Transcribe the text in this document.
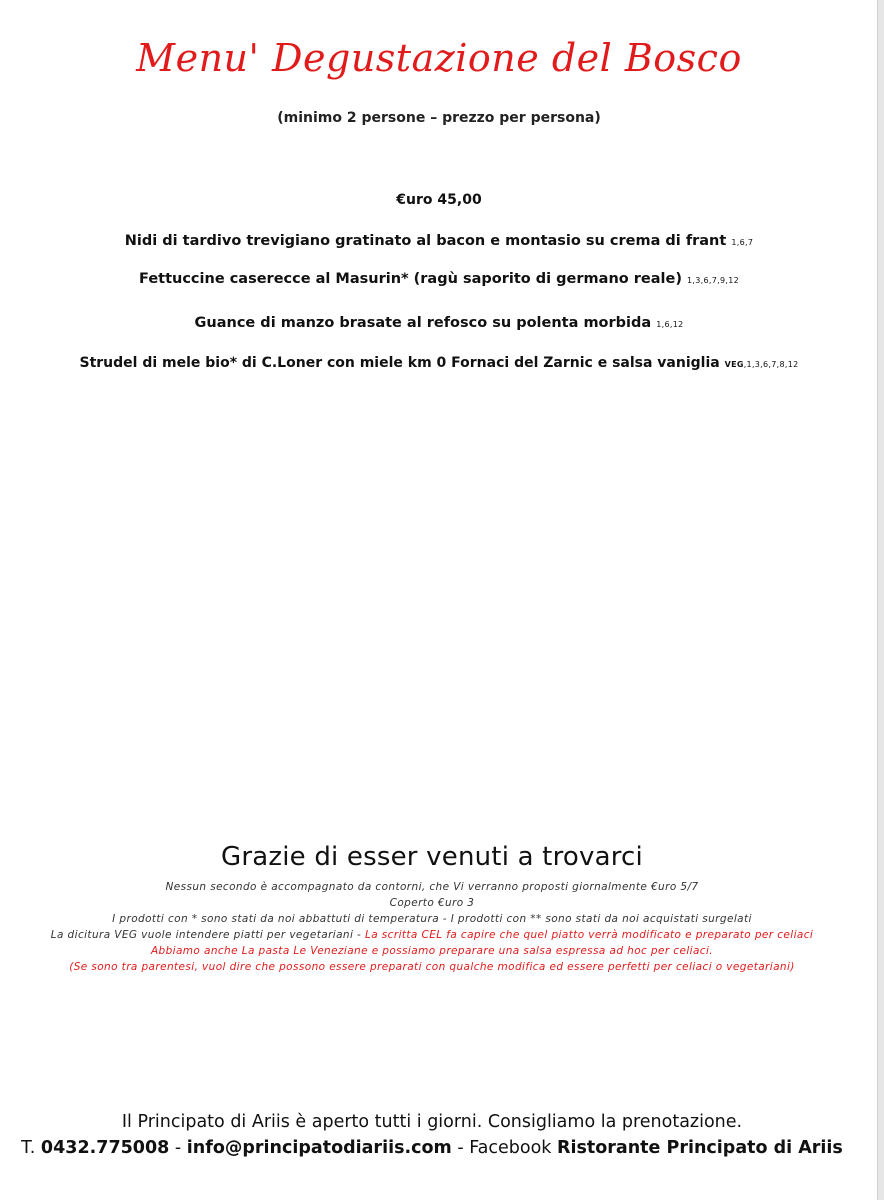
Menu' Degustazione del Bosco
(minimo 2 persone – prezzo per persona)
€uro 45,00
Nidi di tardivo trevigiano gratinato al bacon e montasio su crema di frant 1,6,7
Fettuccine caserecce al Masurin* (ragù saporito di germano reale) 1,3,6,7,9,12
Guance di manzo brasate al refosco su polenta morbida 1,6,12
Strudel di mele bio* di C.Loner con miele km 0 Fornaci del Zarnic e salsa vaniglia VEG,1,3,6,7,8,12
Grazie di esser venuti a trovarci
Nessun secondo è accompagnato da contorni, che Vi verranno proposti giornalmente €uro 5/7
Coperto €uro 3
I prodotti con * sono stati da noi abbattuti di temperatura - I prodotti con ** sono stati da noi acquistati surgelati
La dicitura VEG vuole intendere piatti per vegetariani - La scritta CEL fa capire che quel piatto verrà modificato e preparato per celiaci
Abbiamo anche La pasta Le Veneziane e possiamo preparare una salsa espressa ad hoc per celiaci.
(Se sono tra parentesi, vuol dire che possono essere preparati con qualche modifica ed essere perfetti per celiaci o vegetariani)
Il Principato di Ariis è aperto tutti i giorni. Consigliamo la prenotazione.
T. 0432.775008 - info@principatodiariis.com - Facebook Ristorante Principato di Ariis
